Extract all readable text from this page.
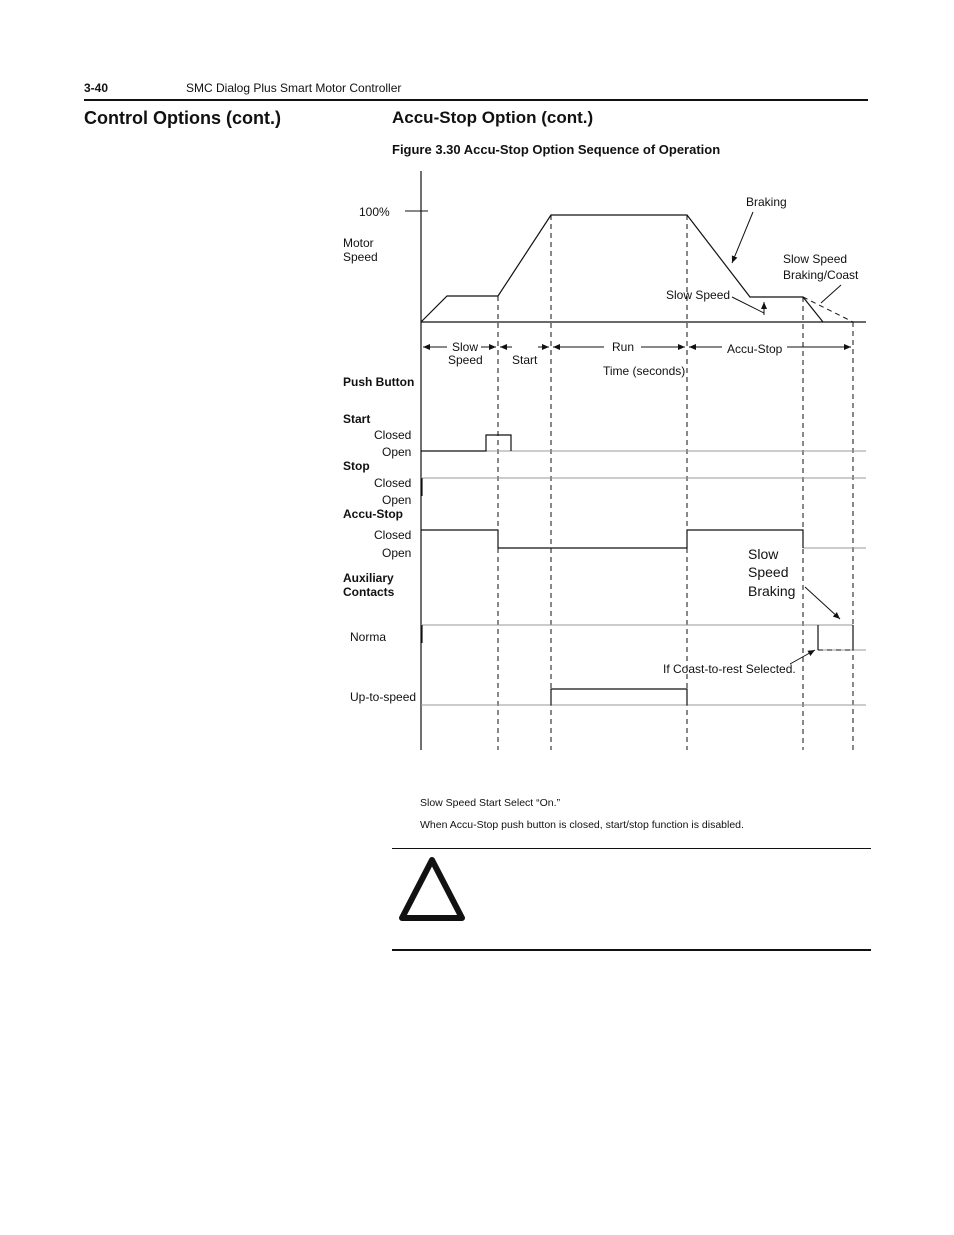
3-40	SMC Dialog Plus Smart Motor Controller
Control Options (cont.)	Accu-Stop Option (cont.)
Figure 3.30 Accu-Stop Option Sequence of Operation
100%
Motor
Speed
Braking
Slow Speed
Braking/Coast
Slow Speed
Slow
Speed Start
Run	Accu-Stop
Time (seconds)
Push Button
Start
Closed
Open
Stop
Closed
Open
Accu-Stop
Closed
Open
Auxiliary
Contacts
Slow
Speed
Braking
Norma
If Coast-to-rest Selected.
Up-to-speed
Slow Speed Start Select “On.”
When Accu-Stop push button is closed, start/stop function is disabled.
